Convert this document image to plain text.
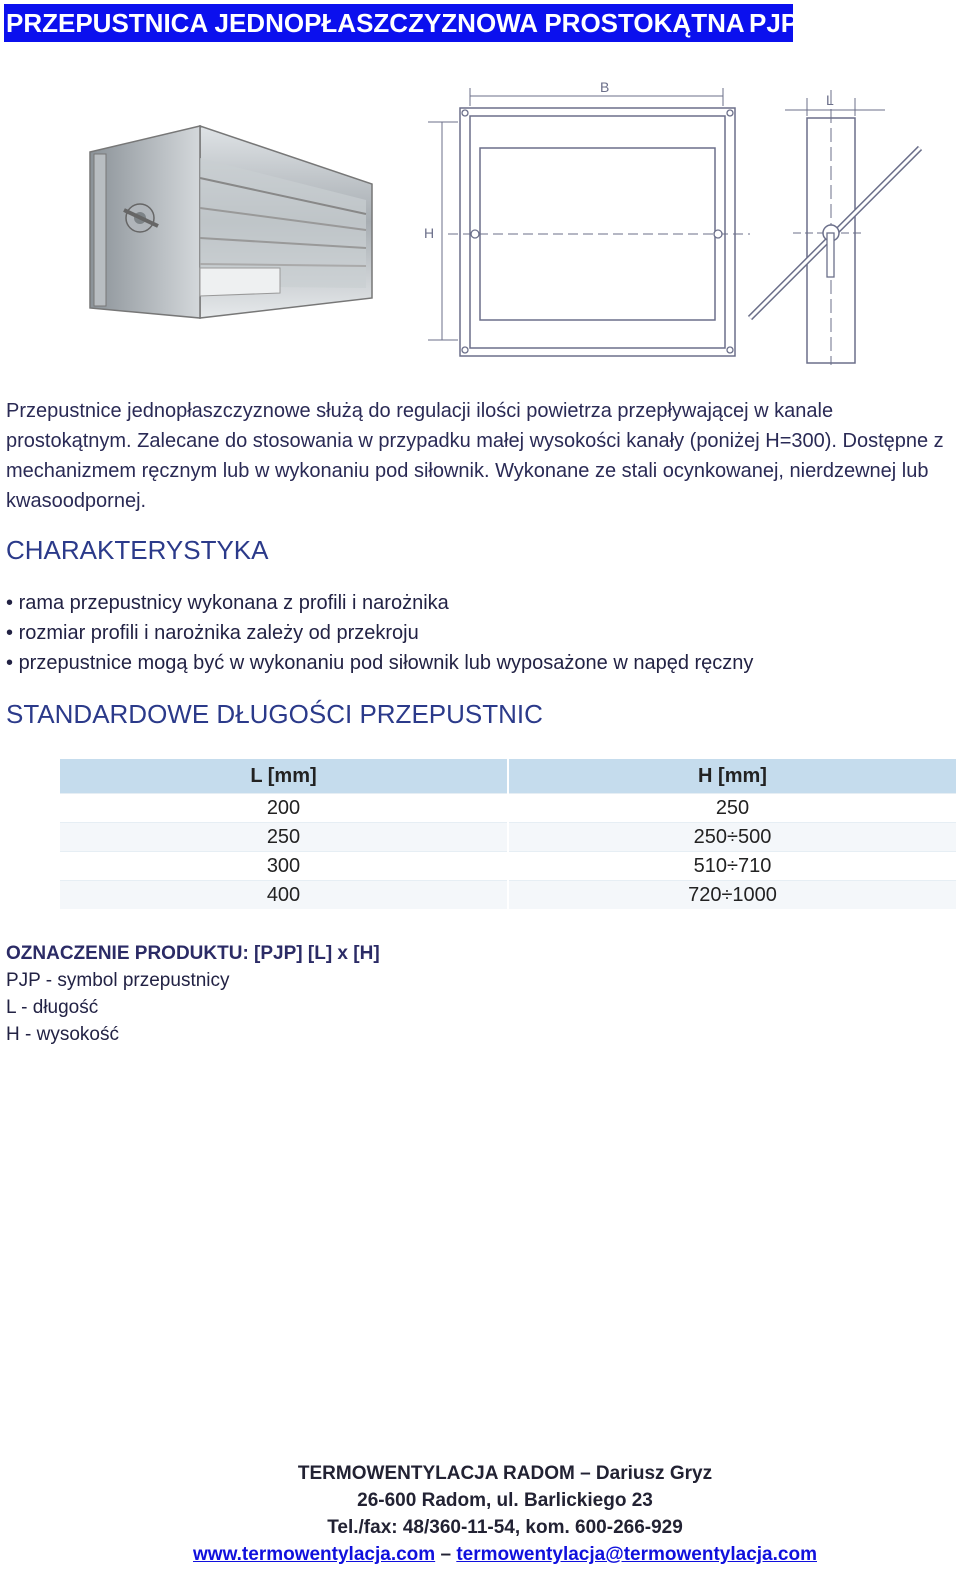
PRZEPUSTNICA JEDNOPŁASZCZYZNOWA PROSTOKĄTNA PJP
B
H
L

Przepustnice jednopłaszczyznowe służą do regulacji ilości powietrza przepływającej w kanale prostokątnym. Zalecane do stosowania w przypadku małej wysokości kanały (poniżej H=300). Dostępne z mechanizmem ręcznym lub w wykonaniu pod siłownik. Wykonane ze stali ocynkowanej, nierdzewnej lub kwasoodpornej.

CHARAKTERYSTYKA
• rama przepustnicy wykonana z profili i narożnika
• rozmiar profili i narożnika zależy od przekroju
• przepustnice mogą być w wykonaniu pod siłownik lub wyposażone w napęd ręczny
STANDARDOWE DŁUGOŚCI PRZEPUSTNIC
L [mm]	H [mm]
200	250
250	250÷500
300	510÷710
400	720÷1000
OZNACZENIE PRODUKTU: [PJP] [L] x [H]
PJP - symbol przepustnicy
L - długość
H - wysokość
TERMOWENTYLACJA RADOM – Dariusz Gryz
26-600 Radom, ul. Barlickiego 23
Tel./fax: 48/360-11-54, kom. 600-266-929
www.termowentylacja.com – termowentylacja@termowentylacja.com
